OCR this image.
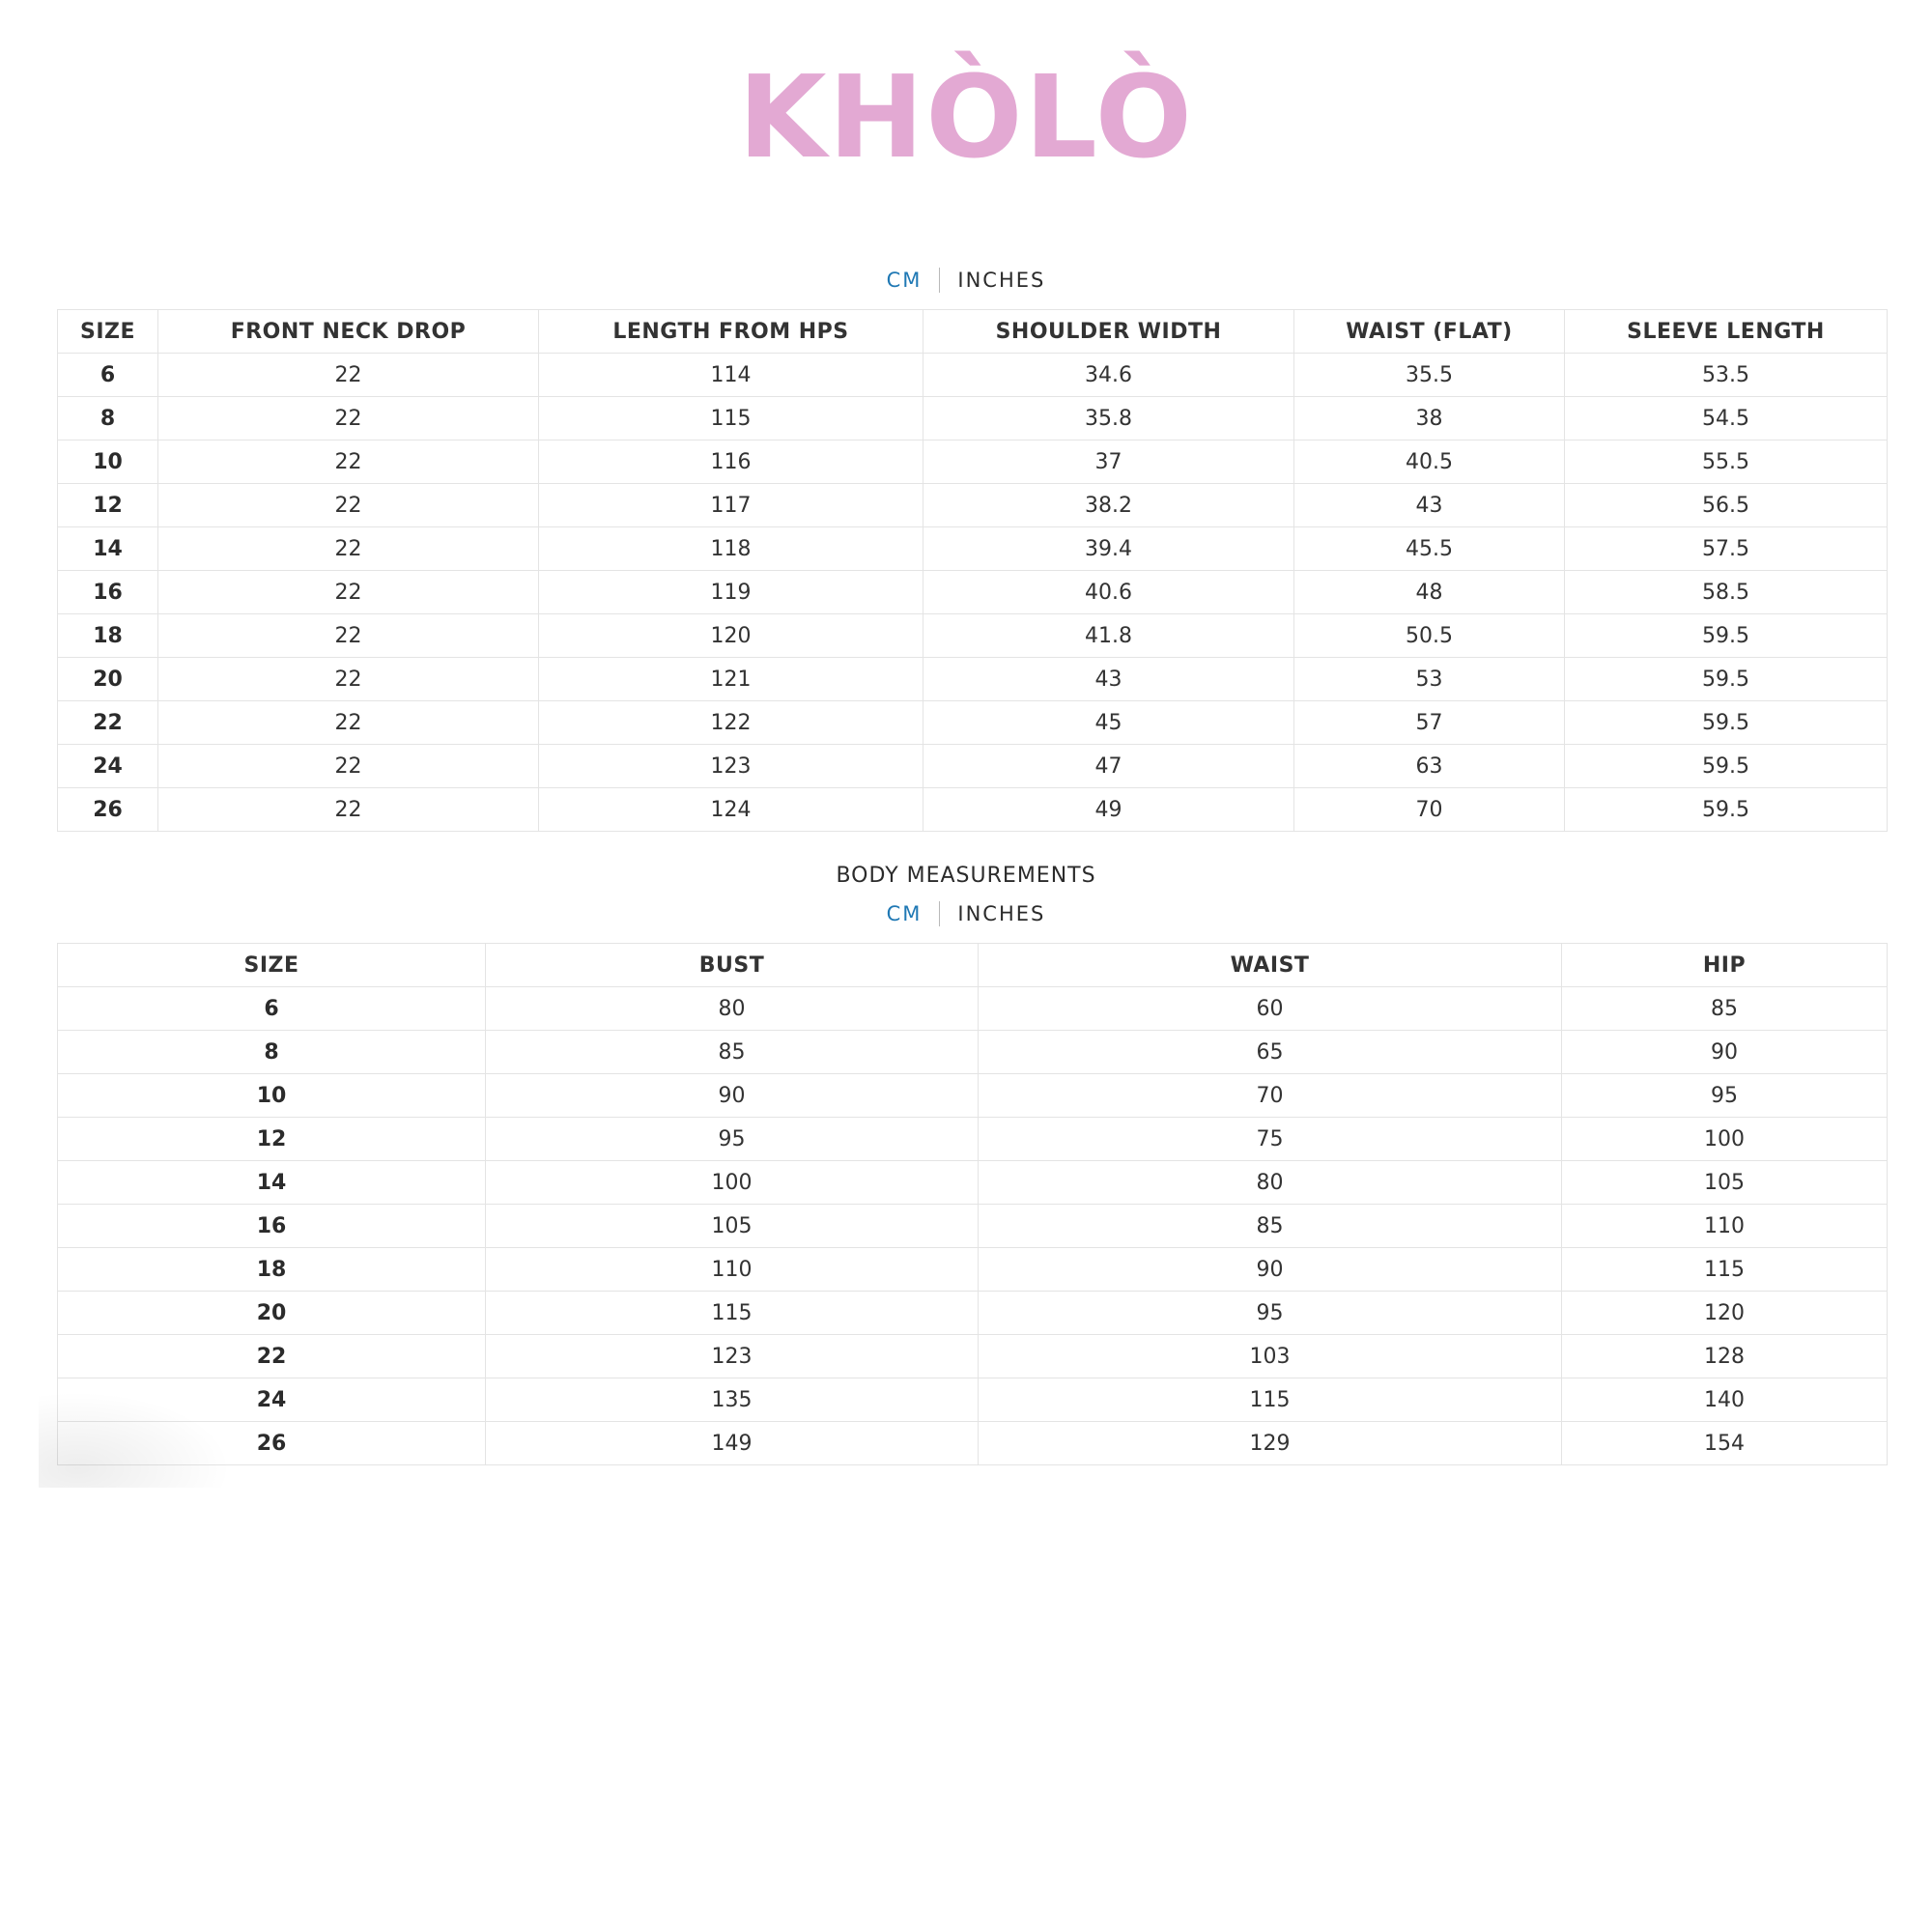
KHÒLÒ
CM INCHES
SIZE	FRONT NECK DROP	LENGTH FROM HPS	SHOULDER WIDTH	WAIST (FLAT)	SLEEVE LENGTH
6	22	114	34.6	35.5	53.5
8	22	115	35.8	38	54.5
10	22	116	37	40.5	55.5
12	22	117	38.2	43	56.5
14	22	118	39.4	45.5	57.5
16	22	119	40.6	48	58.5
18	22	120	41.8	50.5	59.5
20	22	121	43	53	59.5
22	22	122	45	57	59.5
24	22	123	47	63	59.5
26	22	124	49	70	59.5
BODY MEASUREMENTS
CM INCHES
SIZE	BUST	WAIST	HIP
6	80	60	85
8	85	65	90
10	90	70	95
12	95	75	100
14	100	80	105
16	105	85	110
18	110	90	115
20	115	95	120
22	123	103	128
24	135	115	140
26	149	129	154
